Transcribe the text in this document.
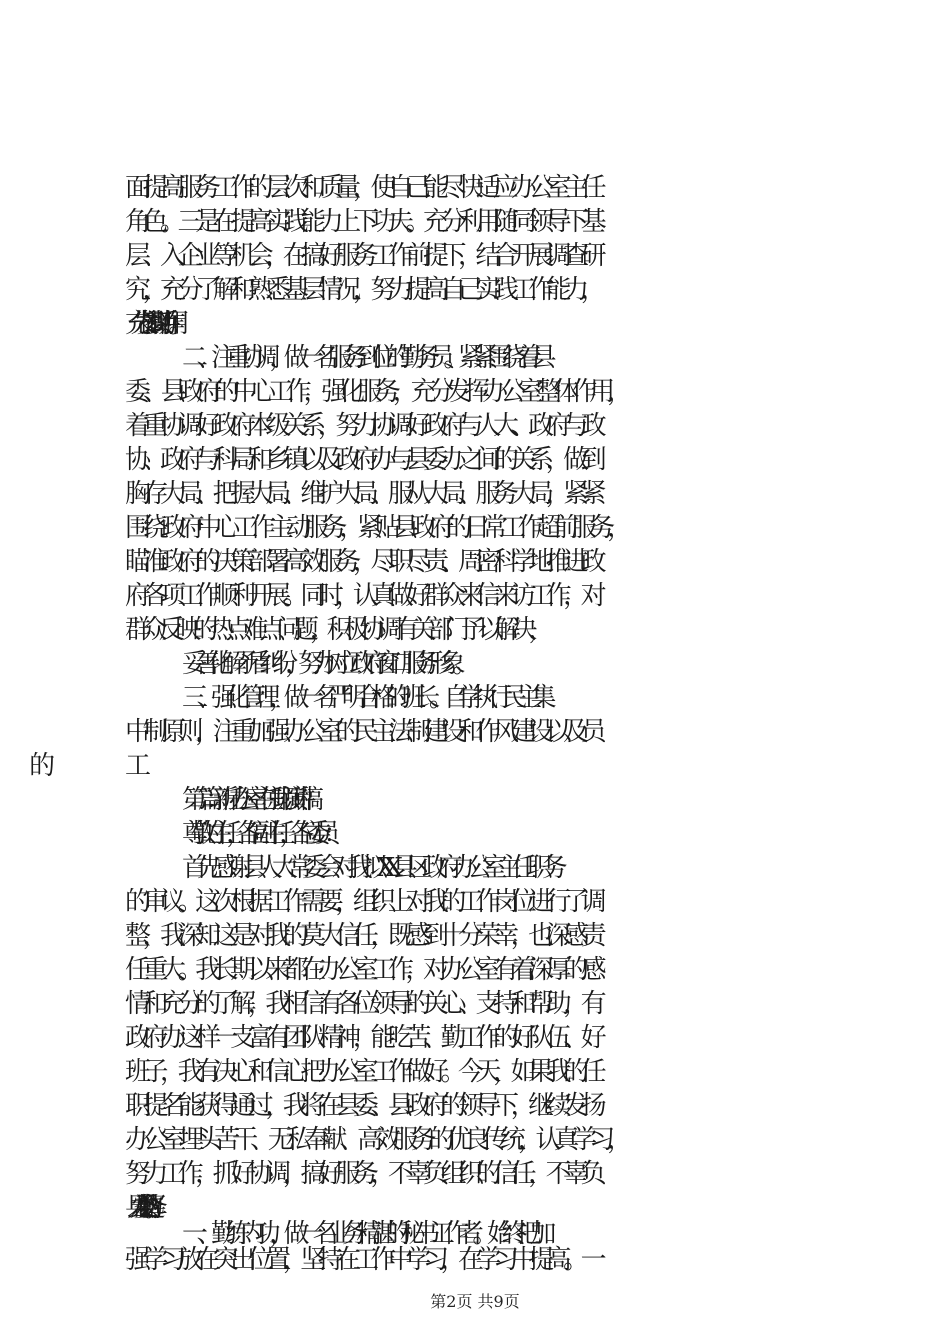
面提高服务工作的层次和质量，使自己能尽快适应办公室主任
角色。三是在提高实践能力上下功夫。充分利用随同领导下基
层、入企业等机会，在搞好服务工作前提下，结合开展调查研
究，充分了解和熟悉基层情况，努力提高自己实践工作能力，
充分发挥参谋助手作用。
二、注重协调，做一名服务到位的勤务员。紧紧围绕着县
委、县政府的中心工作，强化服务，充分发挥办公室整体作用，
着重协调好政府本级关系，努力协调好政府与人大、政府与政
协、政府与科局和乡镇以及政府办与县委办之间的关系，做到
胸存大局、把握大局、维护大局、服从大局、服务大局，紧紧
围绕政府中心工作主动服务，紧贴县政府的日常工作超前服务，
瞄准政府的决策部署高效服务，尽职尽责、周密科学地推进政
府各项工作顺利开展。同时，认真做好群众来信来访工作，对
群众反映的热点难点问题，积极协调有关部门予以解决，
妥善化解矛盾纠纷，努力树立政府窗口服务形象。
三、强化管理，做一名严明合格的班长。自学执行民主集
中制原则，注重加强办公室的民主法制建设和作风建设以及员
第二篇：新任办公室主任就职演讲稿
尊敬的主任，各位副主任，各位委员：
首先感谢县人大常委会对我拟XX县区政府办公室主任职务
的审议。这次根据工作需要，组织上对我的工作岗位进行了调
整，我深知这是对我的莫大信任，既感到十分荣幸，也深感责
任重大。我长期以来都在办公室工作，对办公室有着深厚的感
情和充分的了解，我相信有各位领导的关心、支持和帮助，有
政府办这样一支富有团队精神，能吃苦、勤工作的好队伍、好
班子，我有决心和信心把办公室工作做好。今天，如果我的任
职提名能获得通过，我将在县委、县政府的领导下，继续发扬
办公室埋头苦干、无私奉献、高效服务的优良传统，认真学习，
努力工作，抓好协调，搞好服务，不辜负组织的信任，不辜负
县人大常委会的选择。
一、勤练内功，做一名业务精湛的秘书工作者。始终把加
强学习放在突出位置，坚持在工作中学习，在学习中提高。一
第2页 共9页
